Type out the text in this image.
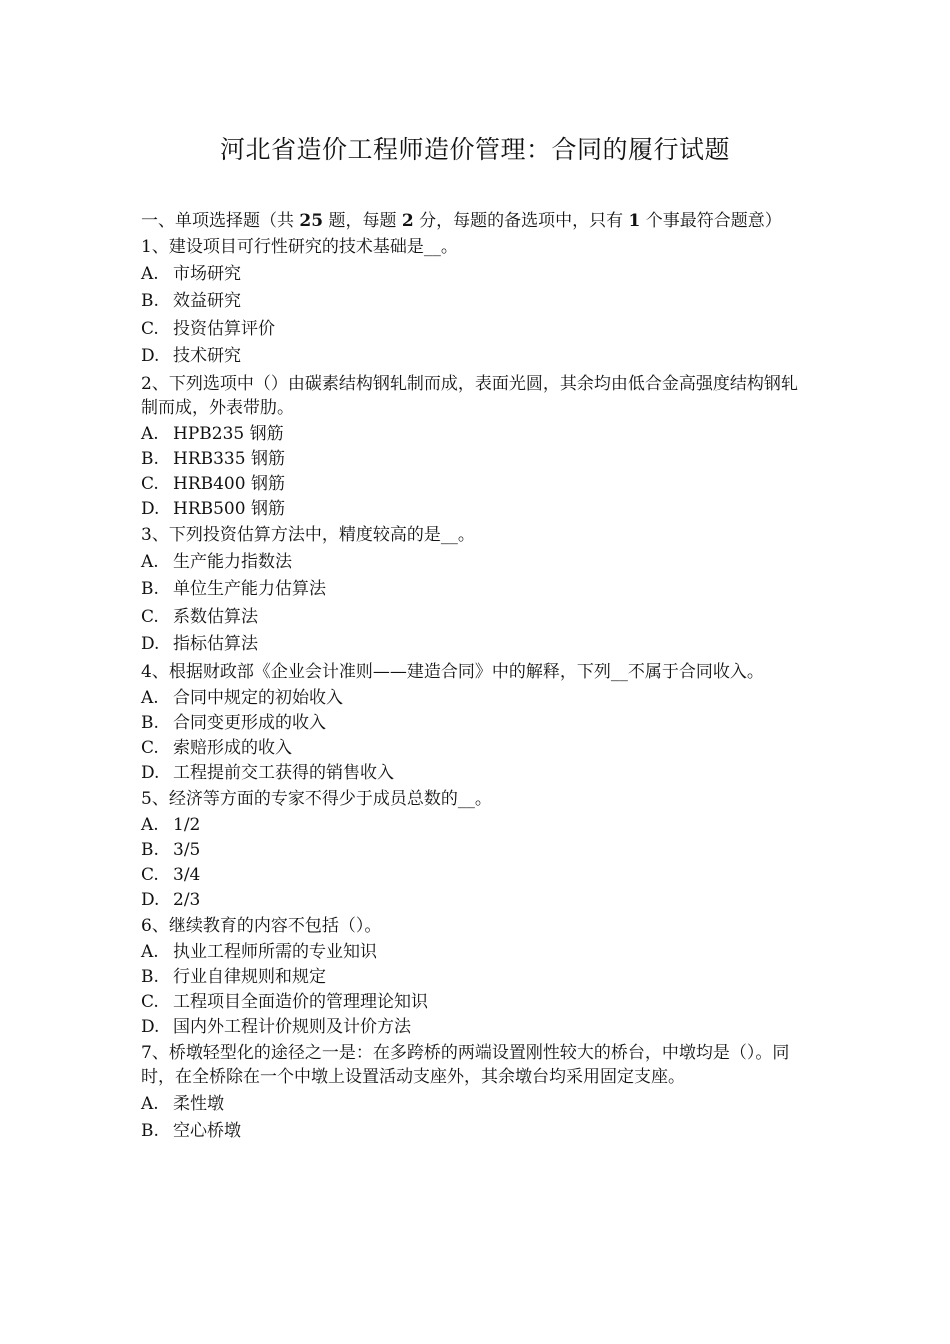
河北省造价工程师造价管理：合同的履行试题
一、单项选择题（共 25 题，每题 2 分，每题的备选项中，只有 1 个事最符合题意）
1、建设项目可行性研究的技术基础是__。
A. 市场研究
B. 效益研究
C. 投资估算评价
D. 技术研究
2、下列选项中（）由碳素结构钢轧制而成，表面光圆，其余均由低合金高强度结构钢轧制而成，外表带肋。
A. HPB235 钢筋
B. HRB335 钢筋
C. HRB400 钢筋
D. HRB500 钢筋
3、下列投资估算方法中，精度较高的是__。
A. 生产能力指数法
B. 单位生产能力估算法
C. 系数估算法
D. 指标估算法
4、根据财政部《企业会计准则——建造合同》中的解释，下列__不属于合同收入。
A. 合同中规定的初始收入
B. 合同变更形成的收入
C. 索赔形成的收入
D. 工程提前交工获得的销售收入
5、经济等方面的专家不得少于成员总数的__。
A. 1/2
B. 3/5
C. 3/4
D. 2/3
6、继续教育的内容不包括（）。
A. 执业工程师所需的专业知识
B. 行业自律规则和规定
C. 工程项目全面造价的管理理论知识
D. 国内外工程计价规则及计价方法
7、桥墩轻型化的途径之一是：在多跨桥的两端设置刚性较大的桥台，中墩均是（）。同时，在全桥除在一个中墩上设置活动支座外，其余墩台均采用固定支座。
A. 柔性墩
B. 空心桥墩
